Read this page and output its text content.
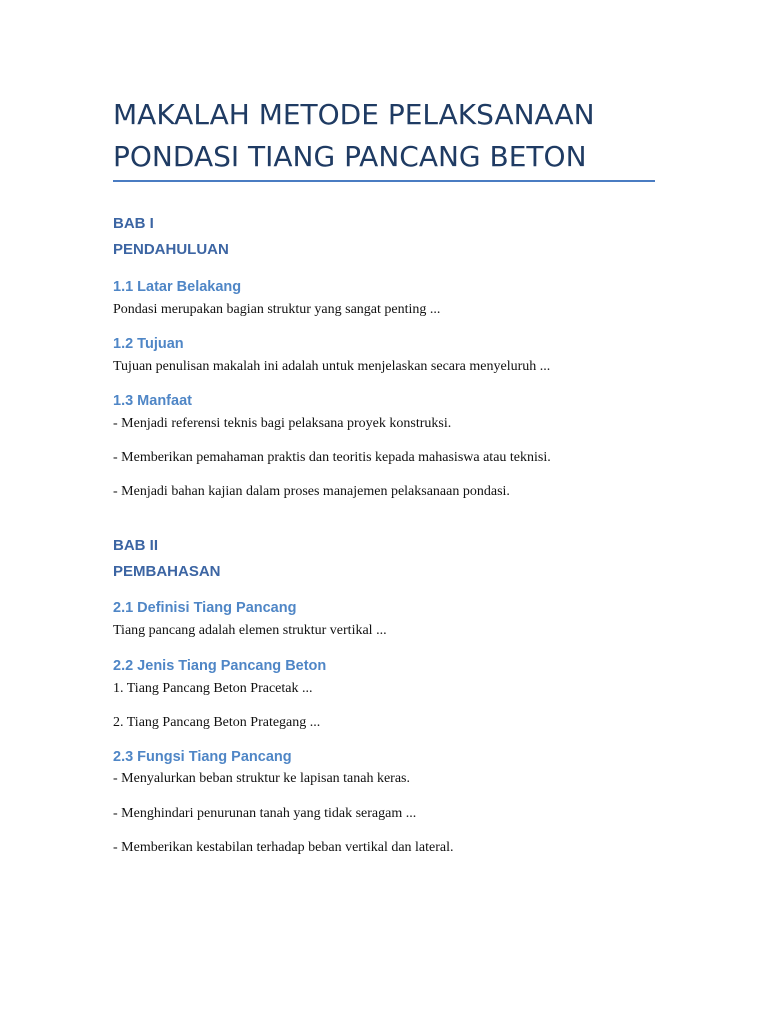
MAKALAH METODE PELAKSANAAN
PONDASI TIANG PANCANG BETON

BAB I

PENDAHULUAN

1.1 Latar Belakang

Pondasi merupakan bagian struktur yang sangat penting ...

1.2 Tujuan

Tujuan penulisan makalah ini adalah untuk menjelaskan secara menyeluruh ...

1.3 Manfaat

- Menjadi referensi teknis bagi pelaksana proyek konstruksi.

- Memberikan pemahaman praktis dan teoritis kepada mahasiswa atau teknisi.

- Menjadi bahan kajian dalam proses manajemen pelaksanaan pondasi.

BAB II

PEMBAHASAN

2.1 Definisi Tiang Pancang

Tiang pancang adalah elemen struktur vertikal ...

2.2 Jenis Tiang Pancang Beton

1. Tiang Pancang Beton Pracetak ...

2. Tiang Pancang Beton Prategang ...

2.3 Fungsi Tiang Pancang

- Menyalurkan beban struktur ke lapisan tanah keras.

- Menghindari penurunan tanah yang tidak seragam ...

- Memberikan kestabilan terhadap beban vertikal dan lateral.
